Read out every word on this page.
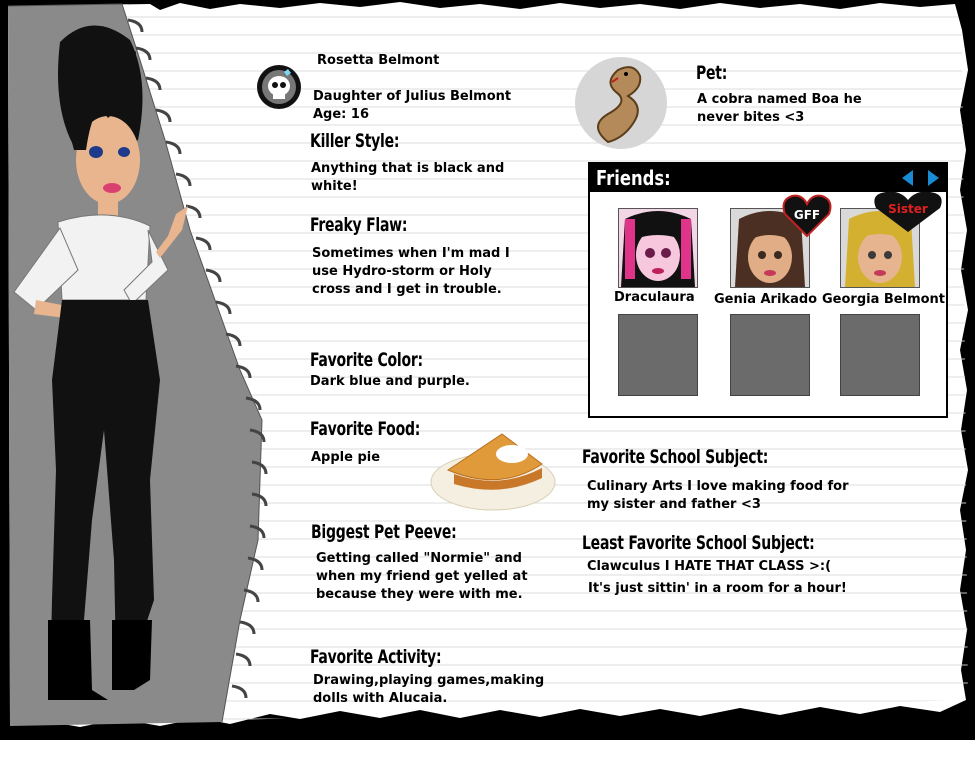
Rosetta Belmont
Daughter of Julius Belmont
Age: 16
Killer Style:
Anything that is black and white!
Freaky Flaw:
Sometimes when I'm mad I use Hydro-storm or Holy cross and I get in trouble.
Favorite Color:
Dark blue and purple.
Favorite Food:
Apple pie
Biggest Pet Peeve:
Getting called "Normie" and when my friend get yelled at because they were with me.
Favorite Activity:
Drawing,playing games,making dolls with Alucaia.
Pet:
A cobra named Boa he never bites <3
Friends:
Draculaura
GFF
Genia Arikado
Sister
Georgia Belmont
Favorite School Subject:
Culinary Arts I love making food for my sister and father <3
Least Favorite School Subject:
Clawculus I HATE THAT CLASS >:(
It's just sittin' in a room for a hour!
